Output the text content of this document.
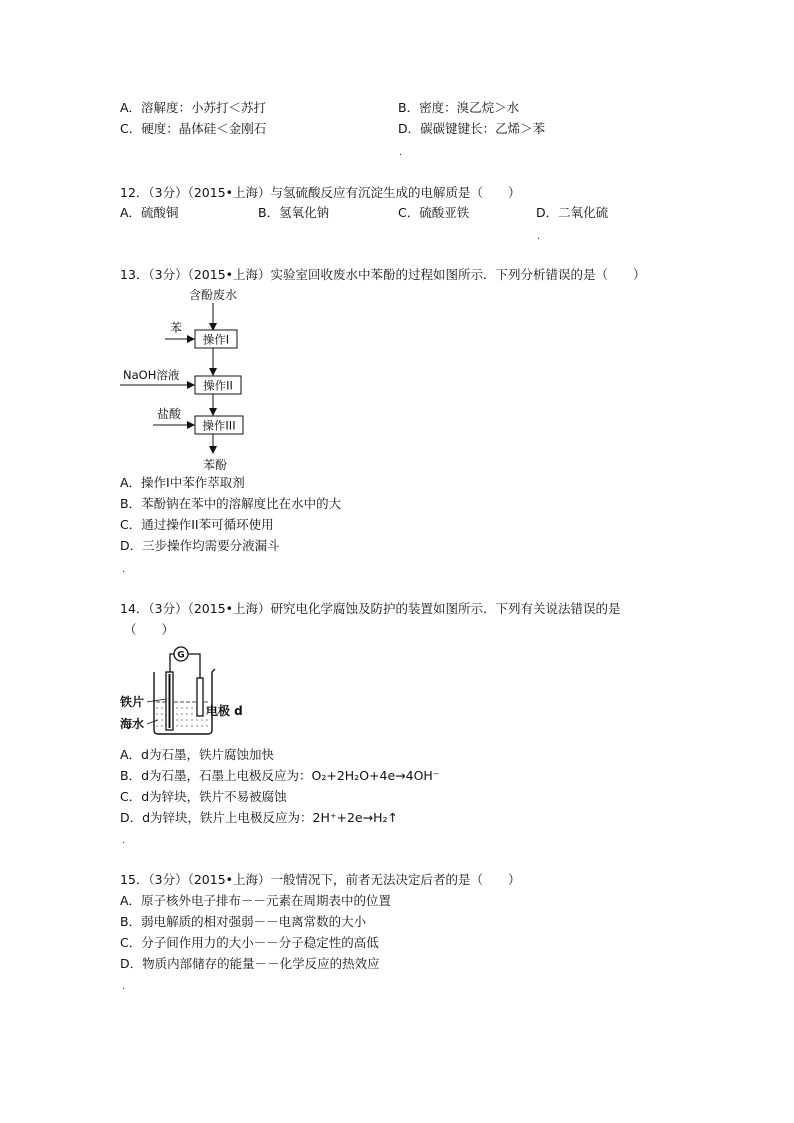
A．溶解度：小苏打＜苏打	B．密度：溴乙烷＞水
C．硬度：晶体硅＜金刚石	D．碳碳键键长：乙烯＞苯
.
12．（3分）（2015•上海）与氢硫酸反应有沉淀生成的电解质是（　　）
A．硫酸铜	B．氢氧化钠	C．硫酸亚铁	D．二氧化硫
.
13．（3分）（2015•上海）实验室回收废水中苯酚的过程如图所示．下列分析错误的是（　　）
含酚废水
苯
操作I
NaOH溶液
操作II
盐酸
操作III
苯酚
A．操作I中苯作萃取剂
B．苯酚钠在苯中的溶解度比在水中的大
C．通过操作II苯可循环使用
D．三步操作均需要分液漏斗
.
14．（3分）（2015•上海）研究电化学腐蚀及防护的装置如图所示．下列有关说法错误的是
（　　）
G
铁片
海水
电极 d
A．d为石墨，铁片腐蚀加快
B．d为石墨，石墨上电极反应为：O₂+2H₂O+4e→4OH⁻
C．d为锌块，铁片不易被腐蚀
D．d为锌块，铁片上电极反应为：2H⁺+2e→H₂↑
.
15．（3分）（2015•上海）一般情况下，前者无法决定后者的是（　　）
A．原子核外电子排布－－元素在周期表中的位置
B．弱电解质的相对强弱－－电离常数的大小
C．分子间作用力的大小－－分子稳定性的高低
D．物质内部储存的能量－－化学反应的热效应
.
